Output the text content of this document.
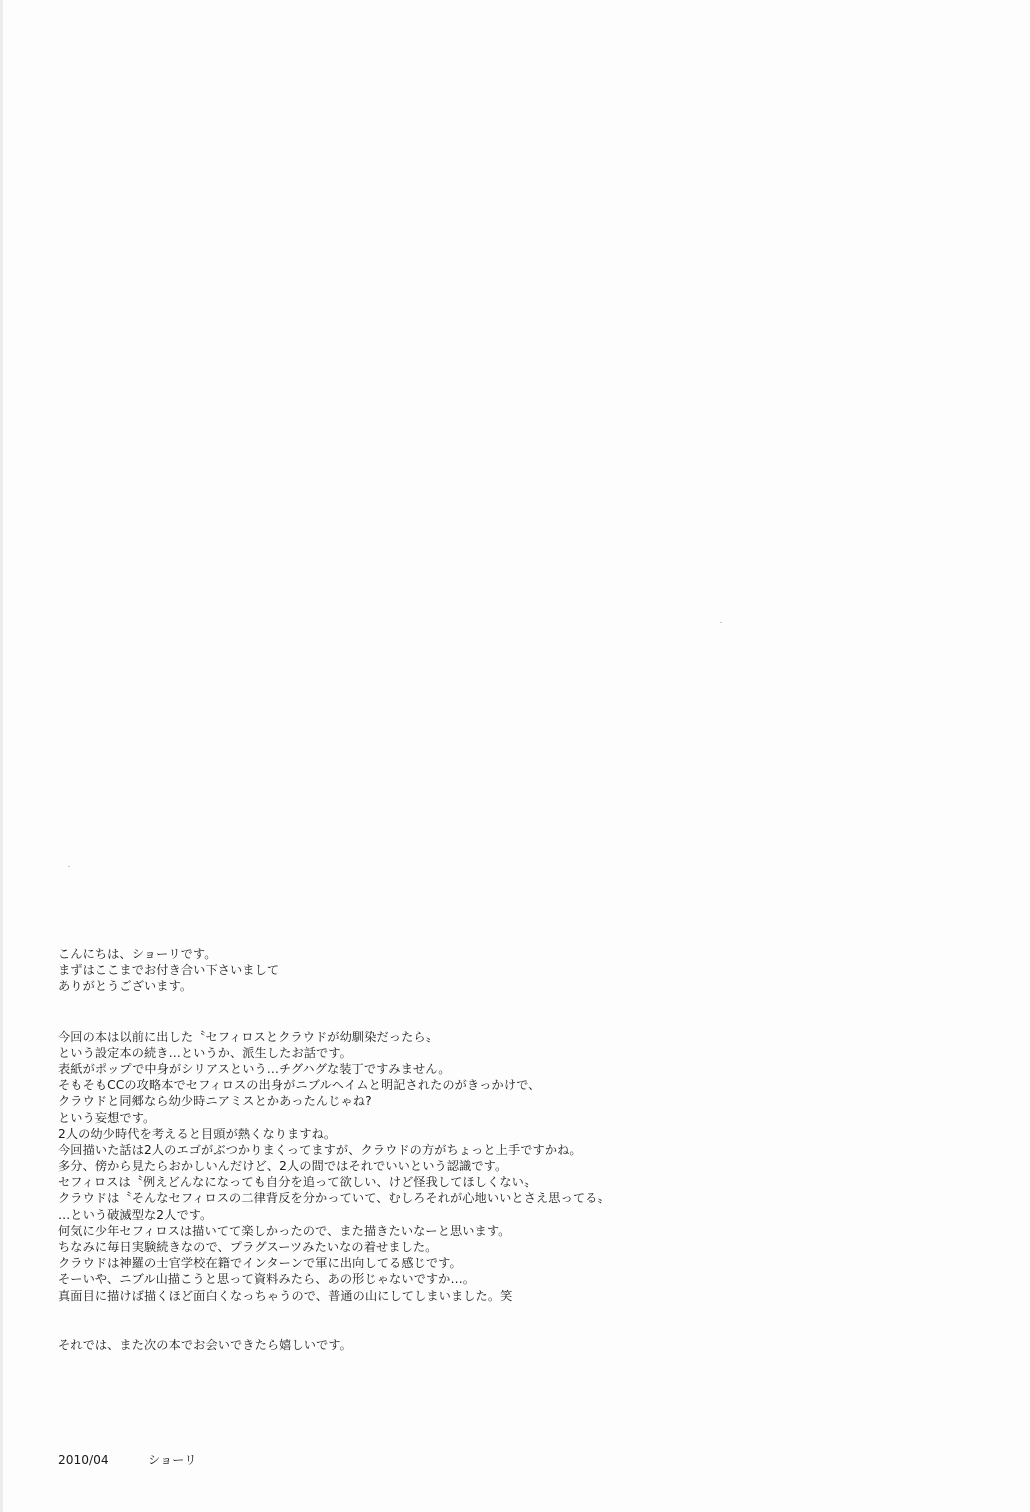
こんにちは、ショーリです。
まずはここまでお付き合い下さいまして
ありがとうございます。
今回の本は以前に出した〝セフィロスとクラウドが幼馴染だったら〟
という設定本の続き…というか、派生したお話です。
表紙がポップで中身がシリアスという…チグハグな装丁ですみません。
そもそもCCの攻略本でセフィロスの出身がニブルヘイムと明記されたのがきっかけで、
クラウドと同郷なら幼少時ニアミスとかあったんじゃね?
という妄想です。
2人の幼少時代を考えると目頭が熱くなりますね。
今回描いた話は2人のエゴがぶつかりまくってますが、クラウドの方がちょっと上手ですかね。
多分、傍から見たらおかしいんだけど、2人の間ではそれでいいという認識です。
セフィロスは〝例えどんなになっても自分を追って欲しい、けど怪我してほしくない〟
クラウドは〝そんなセフィロスの二律背反を分かっていて、むしろそれが心地いいとさえ思ってる〟
…という破滅型な2人です。
何気に少年セフィロスは描いてて楽しかったので、また描きたいなーと思います。
ちなみに毎日実験続きなので、プラグスーツみたいなの着せました。
クラウドは神羅の士官学校在籍でインターンで軍に出向してる感じです。
そーいや、ニブル山描こうと思って資料みたら、あの形じゃないですか…。
真面目に描けば描くほど面白くなっちゃうので、普通の山にしてしまいました。笑
それでは、また次の本でお会いできたら嬉しいです。
2010/04	ショーリ
